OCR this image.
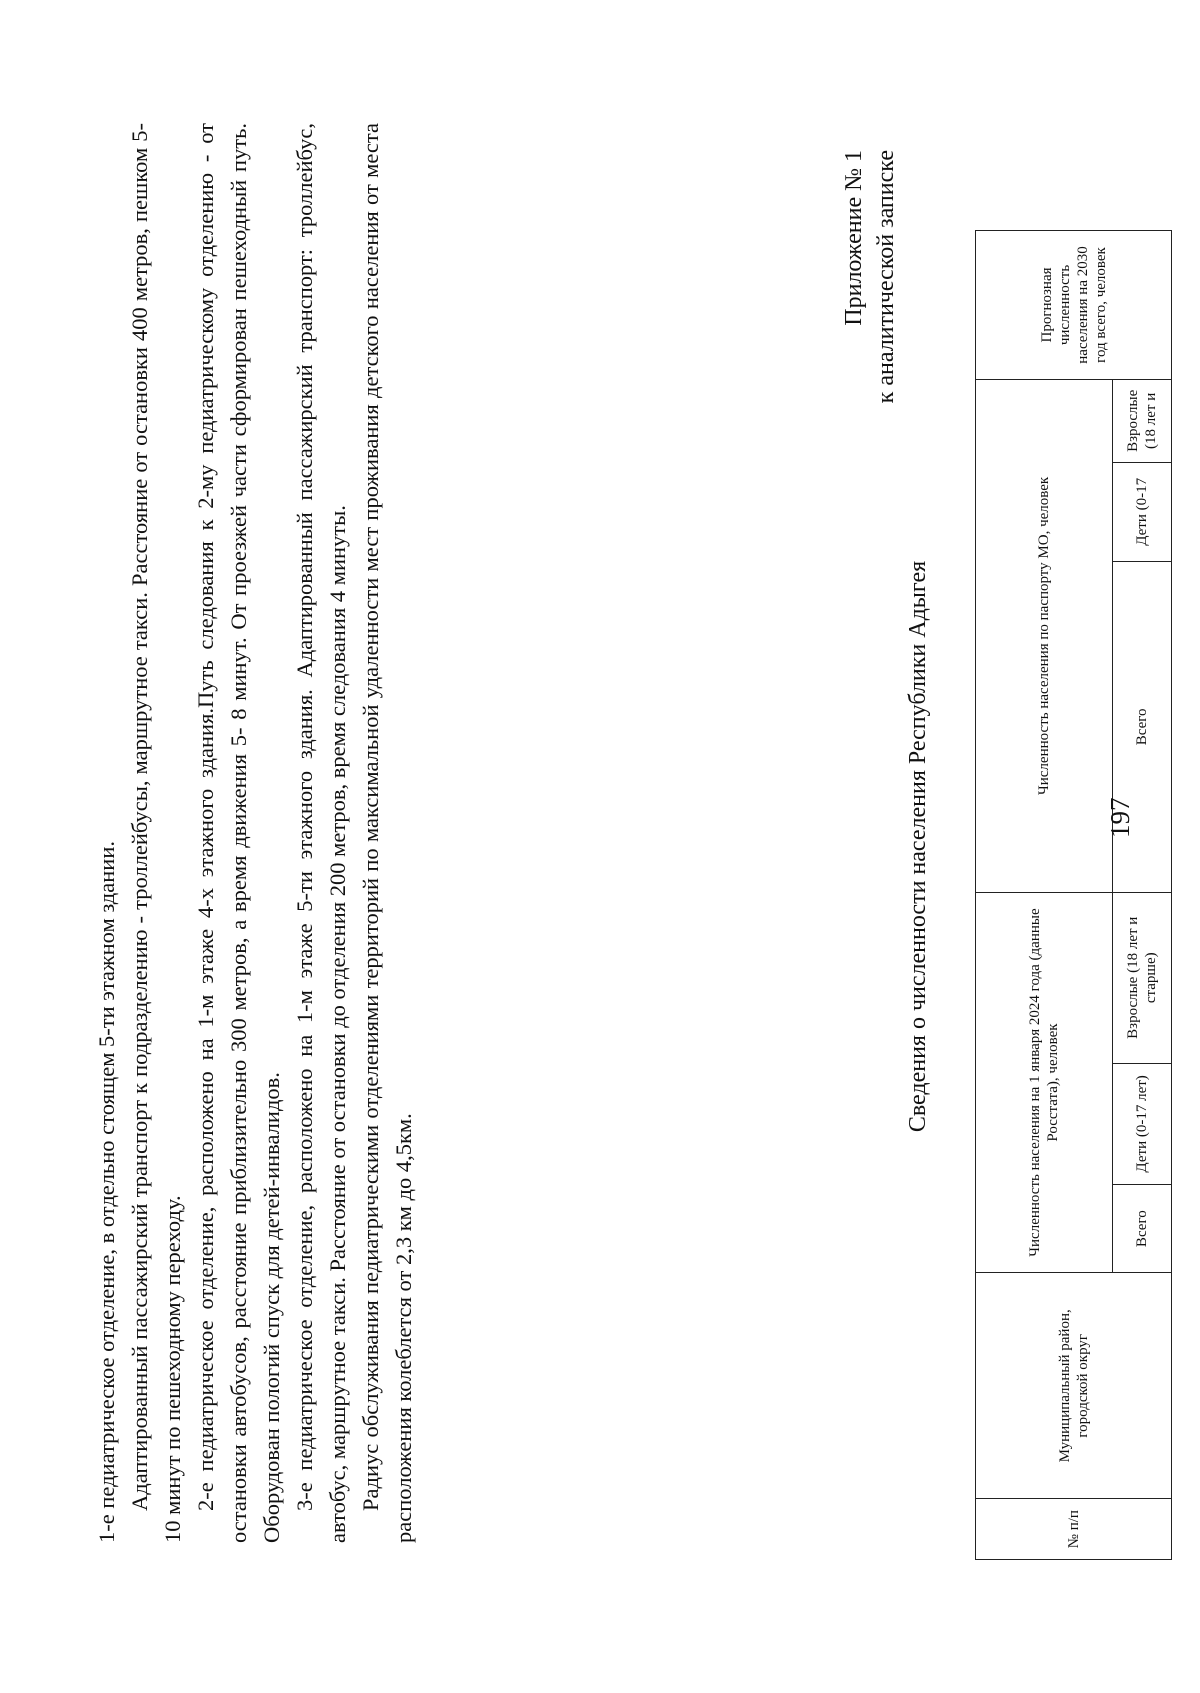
1-е педиатрическое отделение, в отдельно стоящем 5-ти этажном здании. Адаптированный пассажирский транспорт к подразделению - троллейбусы, маршрутное такси. Расстояние от остановки 400 метров, пешком 5-10 минут по пешеходному переходу. 2-е педиатрическое отделение, расположено на 1-м этаже 4-х этажного здания.Путь следования к 2-му педиатрическому отделению - от остановки автобусов, расстояние приблизительно 300 метров, а время движения 5- 8 минут. От проезжей части сформирован пешеходный путь. Оборудован пологий спуск для детей-инвалидов. 3-е педиатрическое отделение, расположено на 1-м этаже 5-ти этажного здания. Адаптированный пассажирский транспорт: троллейбус, автобус, маршрутное такси. Расстояние от остановки до отделения 200 метров, время следования 4 минуты. Радиус обслуживания педиатрическими отделениями территорий по максимальной удаленности мест проживания детского населения от места расположения колеблется от 2,3 км до 4,5км.

Приложение № 1 к аналитической записке
Сведения о численности населения Республики Адыгея
№ п/п	Муниципальный район, городской округ	Численность населения на 1 января 2024 года (данные Росстата), человек			Численность населения по паспорту МО, человек			Прогнозная численность населения на 2030 год всего, человек
		Всего	Дети (0-17 лет)	Взрослые (18 лет и старше)	Всего	Дети (0-17	Взрослые (18 лет и	
197
